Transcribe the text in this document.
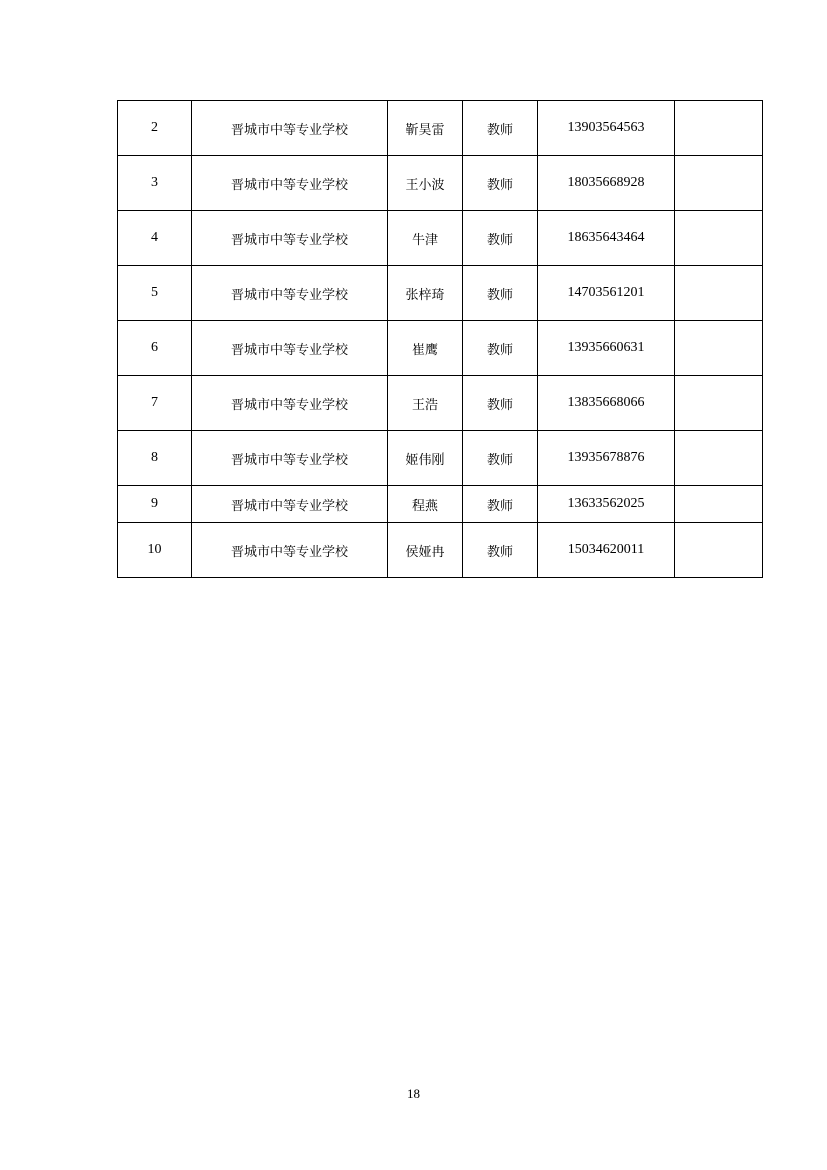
2	晋城市中等专业学校	靳昊雷	教师	13903564563	
3	晋城市中等专业学校	王小波	教师	18035668928	
4	晋城市中等专业学校	牛津	教师	18635643464	
5	晋城市中等专业学校	张梓琦	教师	14703561201	
6	晋城市中等专业学校	崔鹰	教师	13935660631	
7	晋城市中等专业学校	王浩	教师	13835668066	
8	晋城市中等专业学校	姬伟刚	教师	13935678876	
9	晋城市中等专业学校	程燕	教师	13633562025	
10	晋城市中等专业学校	侯娅冉	教师	15034620011	
18
